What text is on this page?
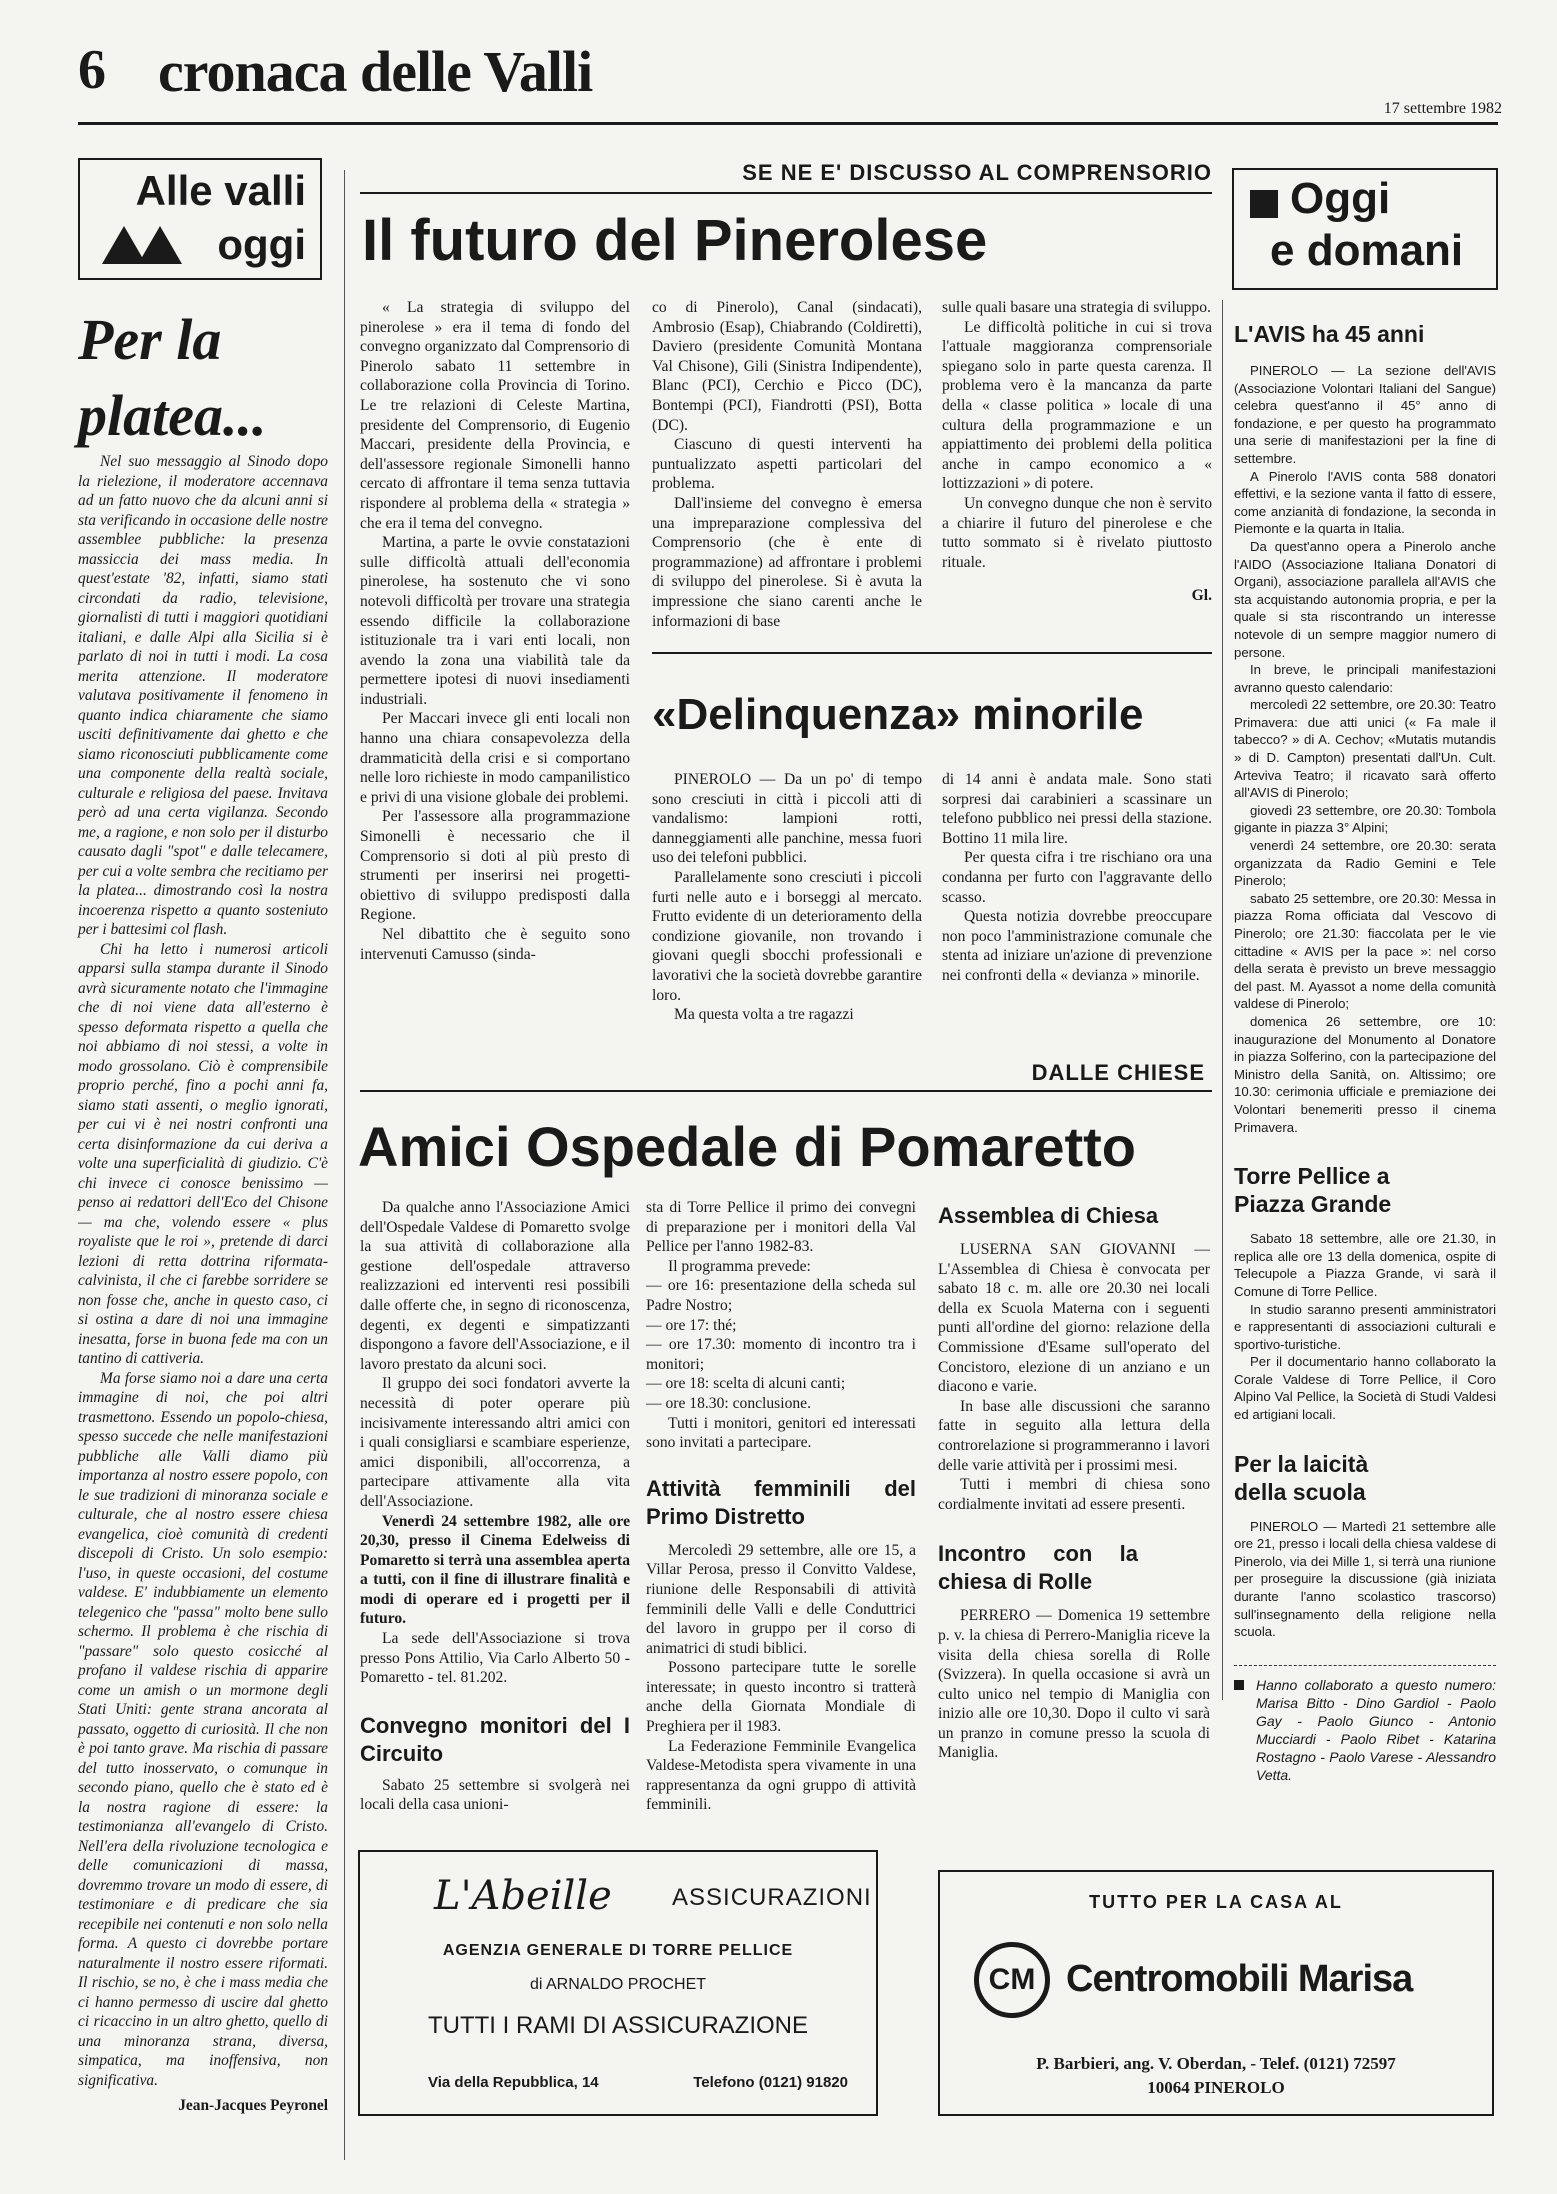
6 cronaca delle Valli
17 settembre 1982
Alle valli
oggi
Per la platea...

Nel suo messaggio al Sinodo dopo la rielezione, il moderatore accennava ad un fatto nuovo che da alcuni anni si sta verificando in occasione delle nostre assemblee pubbliche: la presenza massiccia dei mass media. In quest'estate '82, infatti, siamo stati circondati da radio, televisione, giornalisti di tutti i maggiori quotidiani italiani, e dalle Alpi alla Sicilia si è parlato di noi in tutti i modi. La cosa merita attenzione. Il moderatore valutava positivamente il fenomeno in quanto indica chiaramente che siamo usciti definitivamente dai ghetto e che siamo riconosciuti pubblicamente come una componente della realtà sociale, culturale e religiosa del paese. Invitava però ad una certa vigilanza. Secondo me, a ragione, e non solo per il disturbo causato dagli "spot" e dalle telecamere, per cui a volte sembra che recitiamo per la platea... dimostrando così la nostra incoerenza rispetto a quanto sosteniuto per i battesimi col flash.

Chi ha letto i numerosi articoli apparsi sulla stampa durante il Sinodo avrà sicuramente notato che l'immagine che di noi viene data all'esterno è spesso deformata rispetto a quella che noi abbiamo di noi stessi, a volte in modo grossolano. Ciò è comprensibile proprio perché, fino a pochi anni fa, siamo stati assenti, o meglio ignorati, per cui vi è nei nostri confronti una certa disinformazione da cui deriva a volte una superficialità di giudizio. C'è chi invece ci conosce benissimo — penso ai redattori dell'Eco del Chisone — ma che, volendo essere « plus royaliste que le roi », pretende di darci lezioni di retta dottrina riformata-calvinista, il che ci farebbe sorridere se non fosse che, anche in questo caso, ci si ostina a dare di noi una immagine inesatta, forse in buona fede ma con un tantino di cattiveria.

Ma forse siamo noi a dare una certa immagine di noi, che poi altri trasmettono. Essendo un popolo-chiesa, spesso succede che nelle manifestazioni pubbliche alle Valli diamo più importanza al nostro essere popolo, con le sue tradizioni di minoranza sociale e culturale, che al nostro essere chiesa evangelica, cioè comunità di credenti discepoli di Cristo. Un solo esempio: l'uso, in queste occasioni, del costume valdese. E' indubbiamente un elemento telegenico che "passa" molto bene sullo schermo. Il problema è che rischia di "passare" solo questo cosicché al profano il valdese rischia di apparire come un amish o un mormone degli Stati Uniti: gente strana ancorata al passato, oggetto di curiosità. Il che non è poi tanto grave. Ma rischia di passare del tutto inosservato, o comunque in secondo piano, quello che è stato ed è la nostra ragione di essere: la testimonianza all'evangelo di Cristo. Nell'era della rivoluzione tecnologica e delle comunicazioni di massa, dovremmo trovare un modo di essere, di testimoniare e di predicare che sia recepibile nei contenuti e non solo nella forma. A questo ci dovrebbe portare naturalmente il nostro essere riformati. Il rischio, se no, è che i mass media che ci hanno permesso di uscire dal ghetto ci ricaccino in un altro ghetto, quello di una minoranza strana, diversa, simpatica, ma inoffensiva, non significativa.

Jean-Jacques Peyronel
SE NE E' DISCUSSO AL COMPRENSORIO
Il futuro del Pinerolese

« La strategia di sviluppo del pinerolese » era il tema di fondo del convegno organizzato dal Comprensorio di Pinerolo sabato 11 settembre in collaborazione colla Provincia di Torino. Le tre relazioni di Celeste Martina, presidente del Comprensorio, di Eugenio Maccari, presidente della Provincia, e dell'assessore regionale Simonelli hanno cercato di affrontare il tema senza tuttavia rispondere al problema della « strategia » che era il tema del convegno.

Martina, a parte le ovvie constatazioni sulle difficoltà attuali dell'economia pinerolese, ha sostenuto che vi sono notevoli difficoltà per trovare una strategia essendo difficile la collaborazione istituzionale tra i vari enti locali, non avendo la zona una viabilità tale da permettere ipotesi di nuovi insediamenti industriali.

Per Maccari invece gli enti locali non hanno una chiara consapevolezza della drammaticità della crisi e si comportano nelle loro richieste in modo campanilistico e privi di una visione globale dei problemi.

Per l'assessore alla programmazione Simonelli è necessario che il Comprensorio si doti al più presto di strumenti per inserirsi nei progetti-obiettivo di sviluppo predisposti dalla Regione.

Nel dibattito che è seguito sono intervenuti Camusso (sinda-

co di Pinerolo), Canal (sindacati), Ambrosio (Esap), Chiabrando (Coldiretti), Daviero (presidente Comunità Montana Val Chisone), Gili (Sinistra Indipendente), Blanc (PCI), Cerchio e Picco (DC), Bontempi (PCI), Fiandrotti (PSI), Botta (DC).

Ciascuno di questi interventi ha puntualizzato aspetti particolari del problema.

Dall'insieme del convegno è emersa una impreparazione complessiva del Comprensorio (che è ente di programmazione) ad affrontare i problemi di sviluppo del pinerolese. Si è avuta la impressione che siano carenti anche le informazioni di base

sulle quali basare una strategia di sviluppo.

Le difficoltà politiche in cui si trova l'attuale maggioranza comprensoriale spiegano solo in parte questa carenza. Il problema vero è la mancanza da parte della « classe politica » locale di una cultura della programmazione e un appiattimento dei problemi della politica anche in campo economico a « lottizzazioni » di potere.

Un convegno dunque che non è servito a chiarire il futuro del pinerolese e che tutto sommato si è rivelato piuttosto rituale.

Gl.
«Delinquenza» minorile

PINEROLO — Da un po' di tempo sono cresciuti in città i piccoli atti di vandalismo: lampioni rotti, danneggiamenti alle panchine, messa fuori uso dei telefoni pubblici.

Parallelamente sono cresciuti i piccoli furti nelle auto e i borseggi al mercato. Frutto evidente di un deterioramento della condizione giovanile, non trovando i giovani quegli sbocchi professionali e lavorativi che la società dovrebbe garantire loro.

Ma questa volta a tre ragazzi

di 14 anni è andata male. Sono stati sorpresi dai carabinieri a scassinare un telefono pubblico nei pressi della stazione. Bottino 11 mila lire.

Per questa cifra i tre rischiano ora una condanna per furto con l'aggravante dello scasso.

Questa notizia dovrebbe preoccupare non poco l'amministrazione comunale che stenta ad iniziare un'azione di prevenzione nei confronti della « devianza » minorile.

Oggi
e domani
L'AVIS ha 45 anni

PINEROLO — La sezione dell'AVIS (Associazione Volontari Italiani del Sangue) celebra quest'anno il 45° anno di fondazione, e per questo ha programmato una serie di manifestazioni per la fine di settembre.

A Pinerolo l'AVIS conta 588 donatori effettivi, e la sezione vanta il fatto di essere, come anzianità di fondazione, la seconda in Piemonte e la quarta in Italia.

Da quest'anno opera a Pinerolo anche l'AIDO (Associazione Italiana Donatori di Organi), associazione parallela all'AVIS che sta acquistando autonomia propria, e per la quale si sta riscontrando un interesse notevole di un sempre maggior numero di persone.

In breve, le principali manifestazioni avranno questo calendario:

mercoledì 22 settembre, ore 20.30: Teatro Primavera: due atti unici (« Fa male il tabecco? » di A. Cechov; «Mutatis mutandis » di D. Campton) presentati dall'Un. Cult. Arteviva Teatro; il ricavato sarà offerto all'AVIS di Pinerolo;

giovedì 23 settembre, ore 20.30: Tombola gigante in piazza 3° Alpini;

venerdì 24 settembre, ore 20.30: serata organizzata da Radio Gemini e Tele Pinerolo;

sabato 25 settembre, ore 20.30: Messa in piazza Roma officiata dal Vescovo di Pinerolo; ore 21.30: fiaccolata per le vie cittadine « AVIS per la pace »: nel corso della serata è previsto un breve messaggio del past. M. Ayassot a nome della comunità valdese di Pinerolo;

domenica 26 settembre, ore 10: inaugurazione del Monumento al Donatore in piazza Solferino, con la partecipazione del Ministro della Sanità, on. Altissimo; ore 10.30: cerimonia ufficiale e premiazione dei Volontari benemeriti presso il cinema Primavera.

Torre Pellice a Piazza Grande

Sabato 18 settembre, alle ore 21.30, in replica alle ore 13 della domenica, ospite di Telecupole a Piazza Grande, vi sarà il Comune di Torre Pellice.

In studio saranno presenti amministratori e rappresentanti di associazioni culturali e sportivo-turistiche.

Per il documentario hanno collaborato la Corale Valdese di Torre Pellice, il Coro Alpino Val Pellice, la Società di Studi Valdesi ed artigiani locali.

Per la laicità della scuola

PINEROLO — Martedì 21 settembre alle ore 21, presso i locali della chiesa valdese di Pinerolo, via dei Mille 1, si terrà una riunione per proseguire la discussione (già iniziata durante l'anno scolastico trascorso) sull'insegnamento della religione nella scuola.

Hanno collaborato a questo numero: Marisa Bitto - Dino Gardiol - Paolo Gay - Paolo Giunco - Antonio Mucciardi - Paolo Ribet - Katarina Rostagno - Paolo Varese - Alessandro Vetta.
DALLE CHIESE
Amici Ospedale di Pomaretto

Da qualche anno l'Associazione Amici dell'Ospedale Valdese di Pomaretto svolge la sua attività di collaborazione alla gestione dell'ospedale attraverso realizzazioni ed interventi resi possibili dalle offerte che, in segno di riconoscenza, degenti, ex degenti e simpatizzanti dispongono a favore dell'Associazione, e il lavoro prestato da alcuni soci.

Il gruppo dei soci fondatori avverte la necessità di poter operare più incisivamente interessando altri amici con i quali consigliarsi e scambiare esperienze, amici disponibili, all'occorrenza, a partecipare attivamente alla vita dell'Associazione.

Venerdì 24 settembre 1982, alle ore 20,30, presso il Cinema Edelweiss di Pomaretto si terrà una assemblea aperta a tutti, con il fine di illustrare finalità e modi di operare ed i progetti per il futuro.

La sede dell'Associazione si trova presso Pons Attilio, Via Carlo Alberto 50 - Pomaretto - tel. 81.202.

Convegno monitori del I Circuito

Sabato 25 settembre si svolgerà nei locali della casa unioni-

sta di Torre Pellice il primo dei convegni di preparazione per i monitori della Val Pellice per l'anno 1982-83.

Il programma prevede:

— ore 16: presentazione della scheda sul Padre Nostro;
— ore 17: thé;
— ore 17.30: momento di incontro tra i monitori;
— ore 18: scelta di alcuni canti;
— ore 18.30: conclusione.

Tutti i monitori, genitori ed interessati sono invitati a partecipare.

Attività femminili del Primo Distretto

Mercoledì 29 settembre, alle ore 15, a Villar Perosa, presso il Convitto Valdese, riunione delle Responsabili di attività femminili delle Valli e delle Conduttrici del lavoro in gruppo per il corso di animatrici di studi biblici.

Possono partecipare tutte le sorelle interessate; in questo incontro si tratterà anche della Giornata Mondiale di Preghiera per il 1983.

La Federazione Femminile Evangelica Valdese-Metodista spera vivamente in una rappresentanza da ogni gruppo di attività femminili.

Assemblea di Chiesa

LUSERNA SAN GIOVANNI — L'Assemblea di Chiesa è convocata per sabato 18 c. m. alle ore 20.30 nei locali della ex Scuola Materna con i seguenti punti all'ordine del giorno: relazione della Commissione d'Esame sull'operato del Concistoro, elezione di un anziano e un diacono e varie.

In base alle discussioni che saranno fatte in seguito alla lettura della controrelazione si programmeranno i lavori delle varie attività per i prossimi mesi.

Tutti i membri di chiesa sono cordialmente invitati ad essere presenti.

Incontro con la chiesa di Rolle

PERRERO — Domenica 19 settembre p. v. la chiesa di Perrero-Maniglia riceve la visita della chiesa sorella di Rolle (Svizzera). In quella occasione si avrà un culto unico nel tempio di Maniglia con inizio alle ore 10,30. Dopo il culto vi sarà un pranzo in comune presso la scuola di Maniglia.

L'Abeille	ASSICURAZIONI
AGENZIA GENERALE DI TORRE PELLICE
di ARNALDO PROCHET
TUTTI I RAMI DI ASSICURAZIONE
Via della Repubblica, 14	Telefono (0121) 91820
TUTTO PER LA CASA AL
CM Centromobili Marisa
P. Barbieri, ang. V. Oberdan, - Telef. (0121) 72597
10064 PINEROLO
